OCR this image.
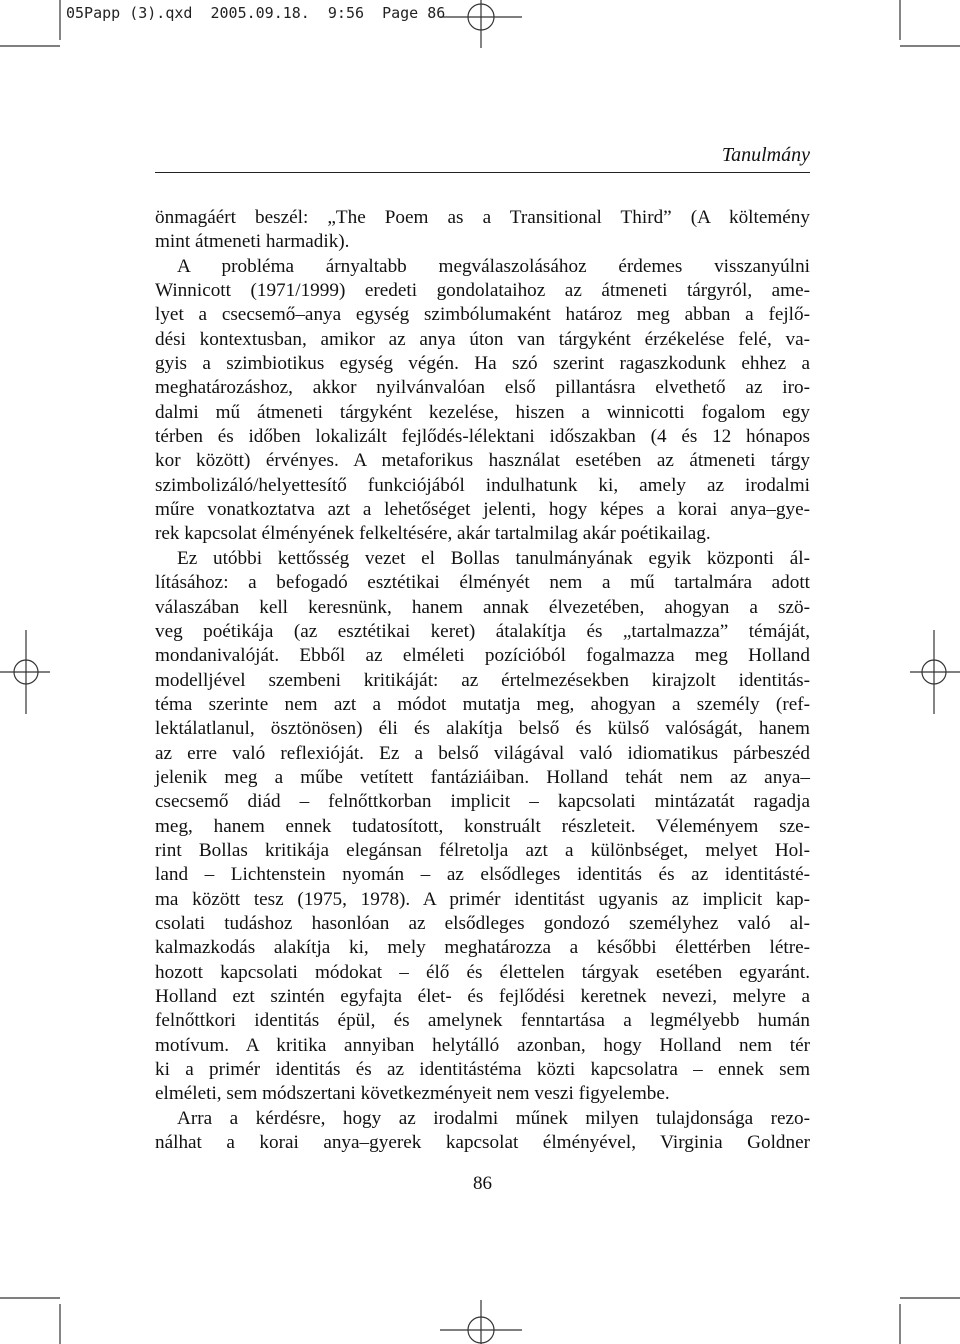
05Papp (3).qxd  2005.09.18.  9:56  Page 86
Tanulmány
önmagáért beszél: „The Poem as a Transitional Third” (A költemény
mint átmeneti harmadik).
A probléma árnyaltabb megválaszolásához érdemes visszanyúlni
Winnicott (1971/1999) eredeti gondolataihoz az átmeneti tárgyról, ame-
lyet a csecsemő–anya egység szimbólumaként határoz meg abban a fejlő-
dési kontextusban, amikor az anya úton van tárgyként érzékelése felé, va-
gyis a szimbiotikus egység végén. Ha szó szerint ragaszkodunk ehhez a
meghatározáshoz, akkor nyilvánvalóan első pillantásra elvethető az iro-
dalmi mű átmeneti tárgyként kezelése, hiszen a winnicotti fogalom egy
térben és időben lokalizált fejlődés-lélektani időszakban (4 és 12 hónapos
kor között) érvényes. A metaforikus használat esetében az átmeneti tárgy
szimbolizáló/helyettesítő funkciójából indulhatunk ki, amely az irodalmi
műre vonatkoztatva azt a lehetőséget jelenti, hogy képes a korai anya–gye-
rek kapcsolat élményének felkeltésére, akár tartalmilag akár poétikailag.
Ez utóbbi kettősség vezet el Bollas tanulmányának egyik központi ál-
lításához: a befogadó esztétikai élményét nem a mű tartalmára adott
válaszában kell keresnünk, hanem annak élvezetében, ahogyan a szö-
veg poétikája (az esztétikai keret) átalakítja és „tartalmazza” témáját,
mondanivalóját. Ebből az elméleti pozícióból fogalmazza meg Holland
modelljével szembeni kritikáját: az értelmezésekben kirajzolt identitás-
téma szerinte nem azt a módot mutatja meg, ahogyan a személy (ref-
lektálatlanul, ösztönösen) éli és alakítja belső és külső valóságát, hanem
az erre való reflexióját. Ez a belső világával való idiomatikus párbeszéd
jelenik meg a műbe vetített fantáziáiban. Holland tehát nem az anya–
csecsemő diád – felnőttkorban implicit – kapcsolati mintázatát ragadja
meg, hanem ennek tudatosított, konstruált részleteit. Véleményem sze-
rint Bollas kritikája elegánsan félretolja azt a különbséget, melyet Hol-
land – Lichtenstein nyomán – az elsődleges identitás és az identitásté-
ma között tesz (1975, 1978). A primér identitást ugyanis az implicit kap-
csolati tudáshoz hasonlóan az elsődleges gondozó személyhez való al-
kalmazkodás alakítja ki, mely meghatározza a későbbi élettérben létre-
hozott kapcsolati módokat – élő és élettelen tárgyak esetében egyaránt.
Holland ezt szintén egyfajta élet- és fejlődési keretnek nevezi, melyre a
felnőttkori identitás épül, és amelynek fenntartása a legmélyebb humán
motívum. A kritika annyiban helytálló azonban, hogy Holland nem tér
ki a primér identitás és az identitástéma közti kapcsolatra – ennek sem
elméleti, sem módszertani következményeit nem veszi figyelembe.
Arra a kérdésre, hogy az irodalmi műnek milyen tulajdonsága rezo-
nálhat a korai anya–gyerek kapcsolat élményével, Virginia Goldner
86
